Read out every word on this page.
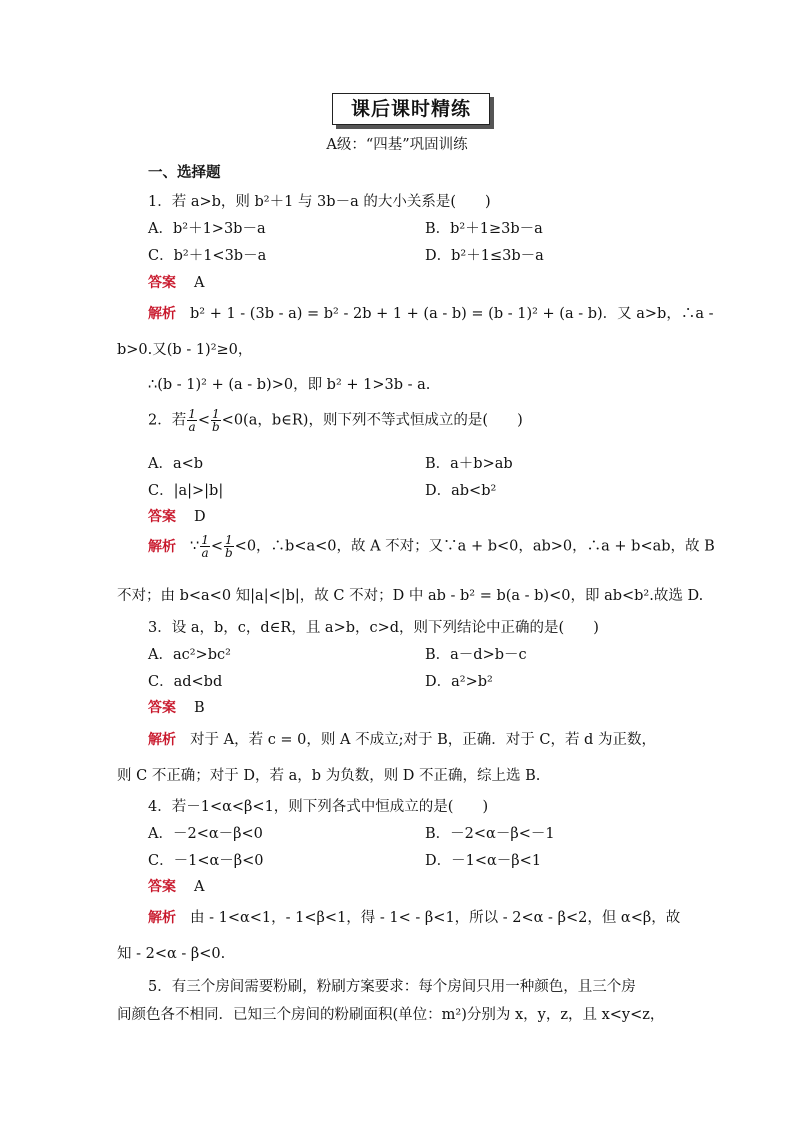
课后课时精练
A级：“四基”巩固训练
一、选择题
1．若 a>b，则 b²＋1 与 3b－a 的大小关系是(　　)
A．b²＋1>3b－a	B．b²＋1≥3b－a
C．b²＋1<3b－a	D．b²＋1≤3b－a
答案 A
解析 b² + 1 - (3b - a) = b² - 2b + 1 + (a - b) = (b - 1)² + (a - b)．又 a>b，∴a -
b>0.又(b - 1)²≥0，
∴(b - 1)² + (a - b)>0，即 b² + 1>3b - a.
2．若 $\frac{1}{a} < \frac{1}{b} <0(a$，b∈R)，则下列不等式恒成立的是(　　)
A．a<b	B．a＋b>ab
C．|a|>|b|	D．ab<b²
答案 D
解析 ∵ $\frac{1}{a} < \frac{1}{b} <0$，∴b<a<0，故 A 不对；又∵a + b<0，ab>0，∴a + b<ab，故 B
不对；由 b<a<0 知|a|<|b|，故 C 不对；D 中 ab - b² = b(a - b)<0，即 ab<b².故选 D.
3．设 a，b，c，d∈R，且 a>b，c>d，则下列结论中正确的是(　　)
A．ac²>bc²	B．a－d>b－c
C．ad<bd	D．a²>b²
答案 B
解析 对于 A，若 c = 0，则 A 不成立;对于 B，正确．对于 C，若 d 为正数，
则 C 不正确；对于 D，若 a，b 为负数，则 D 不正确，综上选 B.
4．若－1<α<β<1，则下列各式中恒成立的是(　　)
A．－2<α－β<0	B．－2<α－β<－1
C．－1<α－β<0	D．－1<α－β<1
答案 A
解析 由 - 1<α<1，- 1<β<1，得 - 1< - β<1，所以 - 2<α - β<2，但 α<β，故
知 - 2<α - β<0.
5．有三个房间需要粉刷，粉刷方案要求：每个房间只用一种颜色，且三个房
间颜色各不相同．已知三个房间的粉刷面积(单位：m²)分别为 x，y，z，且 x<y<z，
